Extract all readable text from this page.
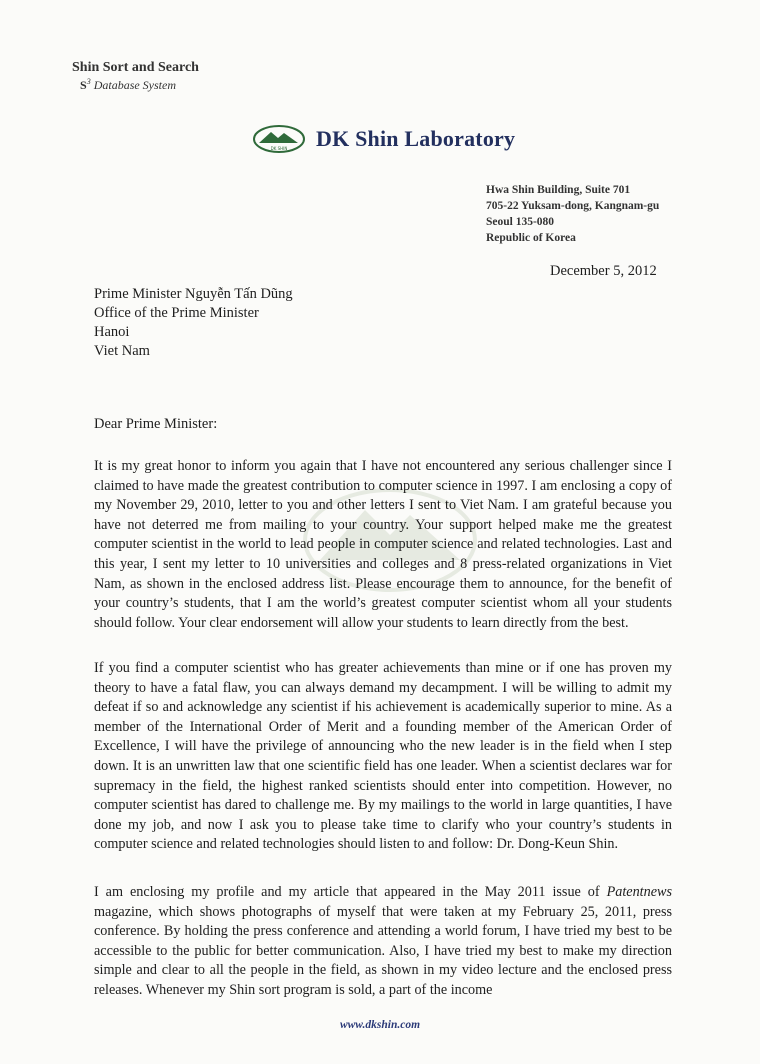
Shin Sort and Search
$S^3$ Database System
DK SHIN DK Shin Laboratory
Hwa Shin Building, Suite 701
705-22 Yuksam-dong, Kangnam-gu
Seoul 135-080
Republic of Korea
December 5, 2012
Prime Minister Nguyễn Tấn Dũng
Office of the Prime Minister
Hanoi
Viet Nam
Dear Prime Minister:
It is my great honor to inform you again that I have not encountered any serious challenger since I claimed to have made the greatest contribution to computer science in 1997. I am enclosing a copy of my November 29, 2010, letter to you and other letters I sent to Viet Nam. I am grateful because you have not deterred me from mailing to your country. Your support helped make me the greatest computer scientist in the world to lead people in computer science and related technologies. Last and this year, I sent my letter to 10 universities and colleges and 8 press-related organizations in Viet Nam, as shown in the enclosed address list. Please encourage them to announce, for the benefit of your country’s students, that I am the world’s greatest computer scientist whom all your students should follow. Your clear endorsement will allow your students to learn directly from the best.
If you find a computer scientist who has greater achievements than mine or if one has proven my theory to have a fatal flaw, you can always demand my decampment. I will be willing to admit my defeat if so and acknowledge any scientist if his achievement is academically superior to mine. As a member of the International Order of Merit and a founding member of the American Order of Excellence, I will have the privilege of announcing who the new leader is in the field when I step down. It is an unwritten law that one scientific field has one leader. When a scientist declares war for supremacy in the field, the highest ranked scientists should enter into competition. However, no computer scientist has dared to challenge me. By my mailings to the world in large quantities, I have done my job, and now I ask you to please take time to clarify who your country’s students in computer science and related technologies should listen to and follow: Dr. Dong-Keun Shin.
I am enclosing my profile and my article that appeared in the May 2011 issue of Patentnews magazine, which shows photographs of myself that were taken at my February 25, 2011, press conference. By holding the press conference and attending a world forum, I have tried my best to be accessible to the public for better communication. Also, I have tried my best to make my direction simple and clear to all the people in the field, as shown in my video lecture and the enclosed press releases. Whenever my Shin sort program is sold, a part of the income
www.dkshin.com
